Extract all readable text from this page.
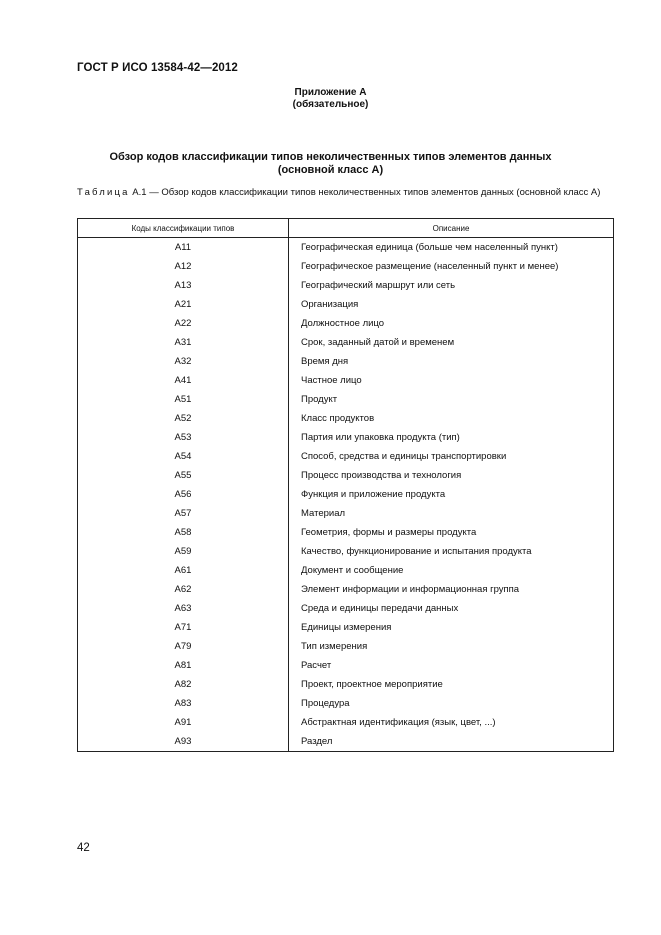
ГОСТ Р ИСО 13584-42—2012
Приложение А
(обязательное)
Обзор кодов классификации типов неколичественных типов элементов данных
(основной класс А)
Таблица А.1 — Обзор кодов классификации типов неколичественных типов элементов данных (основной класс А)
Коды классификации типов	Описание
А11	Географическая единица (больше чем населенный пункт)
А12	Географическое размещение (населенный пункт и менее)
А13	Географический маршрут или сеть
А21	Организация
А22	Должностное лицо
А31	Срок, заданный датой и временем
А32	Время дня
А41	Частное лицо
А51	Продукт
А52	Класс продуктов
А53	Партия или упаковка продукта (тип)
А54	Способ, средства и единицы транспортировки
А55	Процесс производства и технология
А56	Функция и приложение продукта
А57	Материал
А58	Геометрия, формы и размеры продукта
А59	Качество, функционирование и испытания продукта
А61	Документ и сообщение
А62	Элемент информации и информационная группа
А63	Среда и единицы передачи данных
А71	Единицы измерения
А79	Тип измерения
А81	Расчет
А82	Проект, проектное мероприятие
А83	Процедура
А91	Абстрактная идентификация (язык, цвет, ...)
А93	Раздел
42
